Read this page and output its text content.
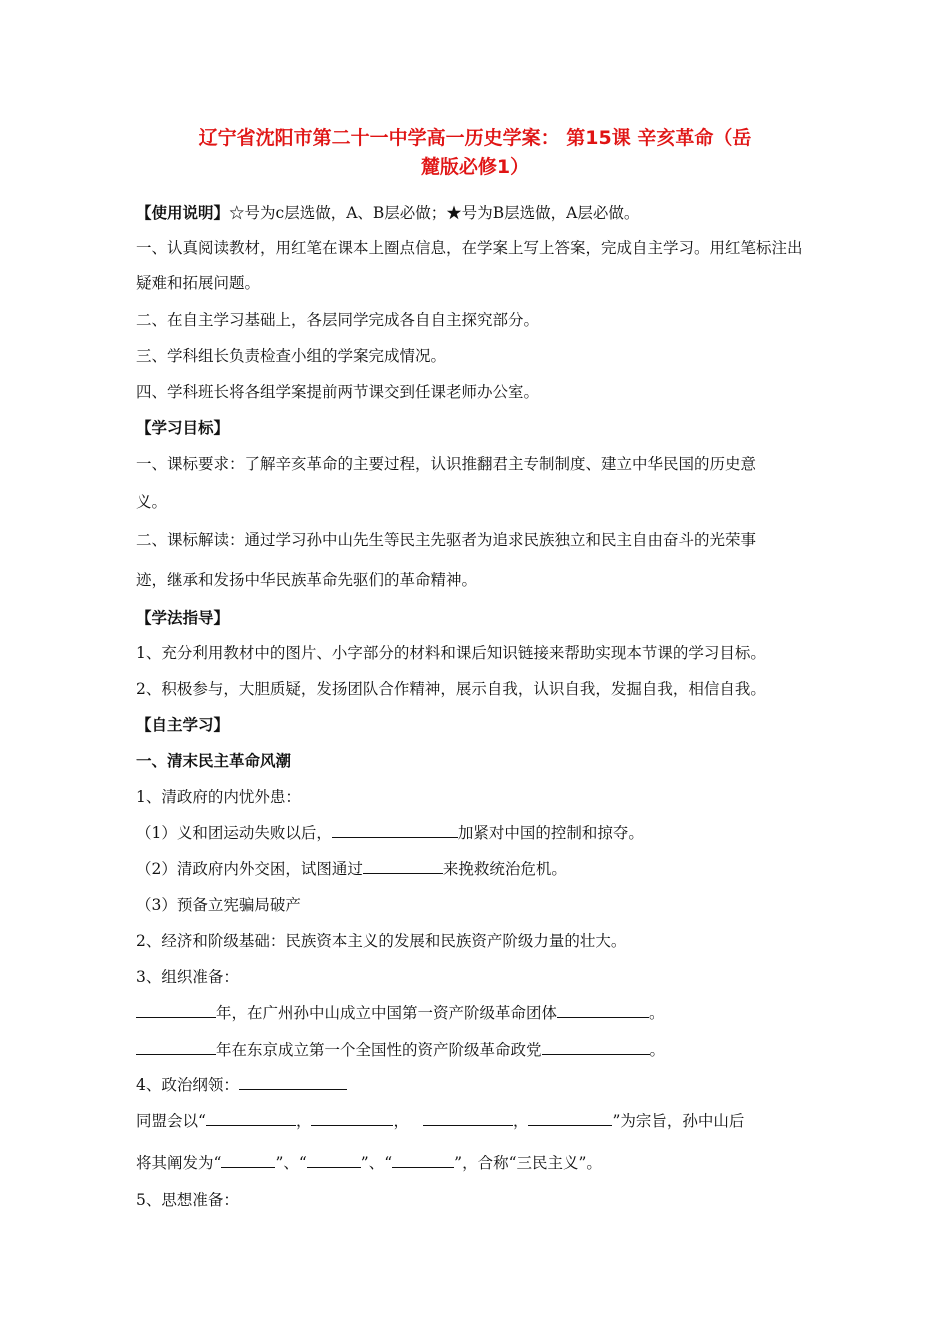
辽宁省沈阳市第二十一中学高一历史学案： 第15课 辛亥革命（岳
麓版必修1）
【使用说明】☆号为c层选做，A、B层必做；★号为B层选做，A层必做。
一、认真阅读教材，用红笔在课本上圈点信息，在学案上写上答案，完成自主学习。用红笔标注出
疑难和拓展问题。
二、在自主学习基础上，各层同学完成各自自主探究部分。
三、学科组长负责检查小组的学案完成情况。
四、学科班长将各组学案提前两节课交到任课老师办公室。
【学习目标】
一、课标要求：了解辛亥革命的主要过程，认识推翻君主专制制度、建立中华民国的历史意
义。
二、课标解读：通过学习孙中山先生等民主先驱者为追求民族独立和民主自由奋斗的光荣事
迹，继承和发扬中华民族革命先驱们的革命精神。
【学法指导】
1、充分利用教材中的图片、小字部分的材料和课后知识链接来帮助实现本节课的学习目标。
2、积极参与，大胆质疑，发扬团队合作精神，展示自我，认识自我，发掘自我，相信自我。
【自主学习】
一、清末民主革命风潮
1、清政府的内忧外患：
（1）义和团运动失败以后，	加紧对中国的控制和掠夺。
（2）清政府内外交困，试图通过	来挽救统治危机。
（3）预备立宪骗局破产
2、经济和阶级基础：民族资本主义的发展和民族资产阶级力量的壮大。
3、组织准备：
年，在广州孙中山成立中国第一资产阶级革命团体	。
年在东京成立第一个全国性的资产阶级革命政党	。
4、政治纲领：
同盟会以“	，	，	，	”为宗旨，孙中山后
将其阐发为“	”、“	”、“	”，合称“三民主义”。
5、思想准备：
